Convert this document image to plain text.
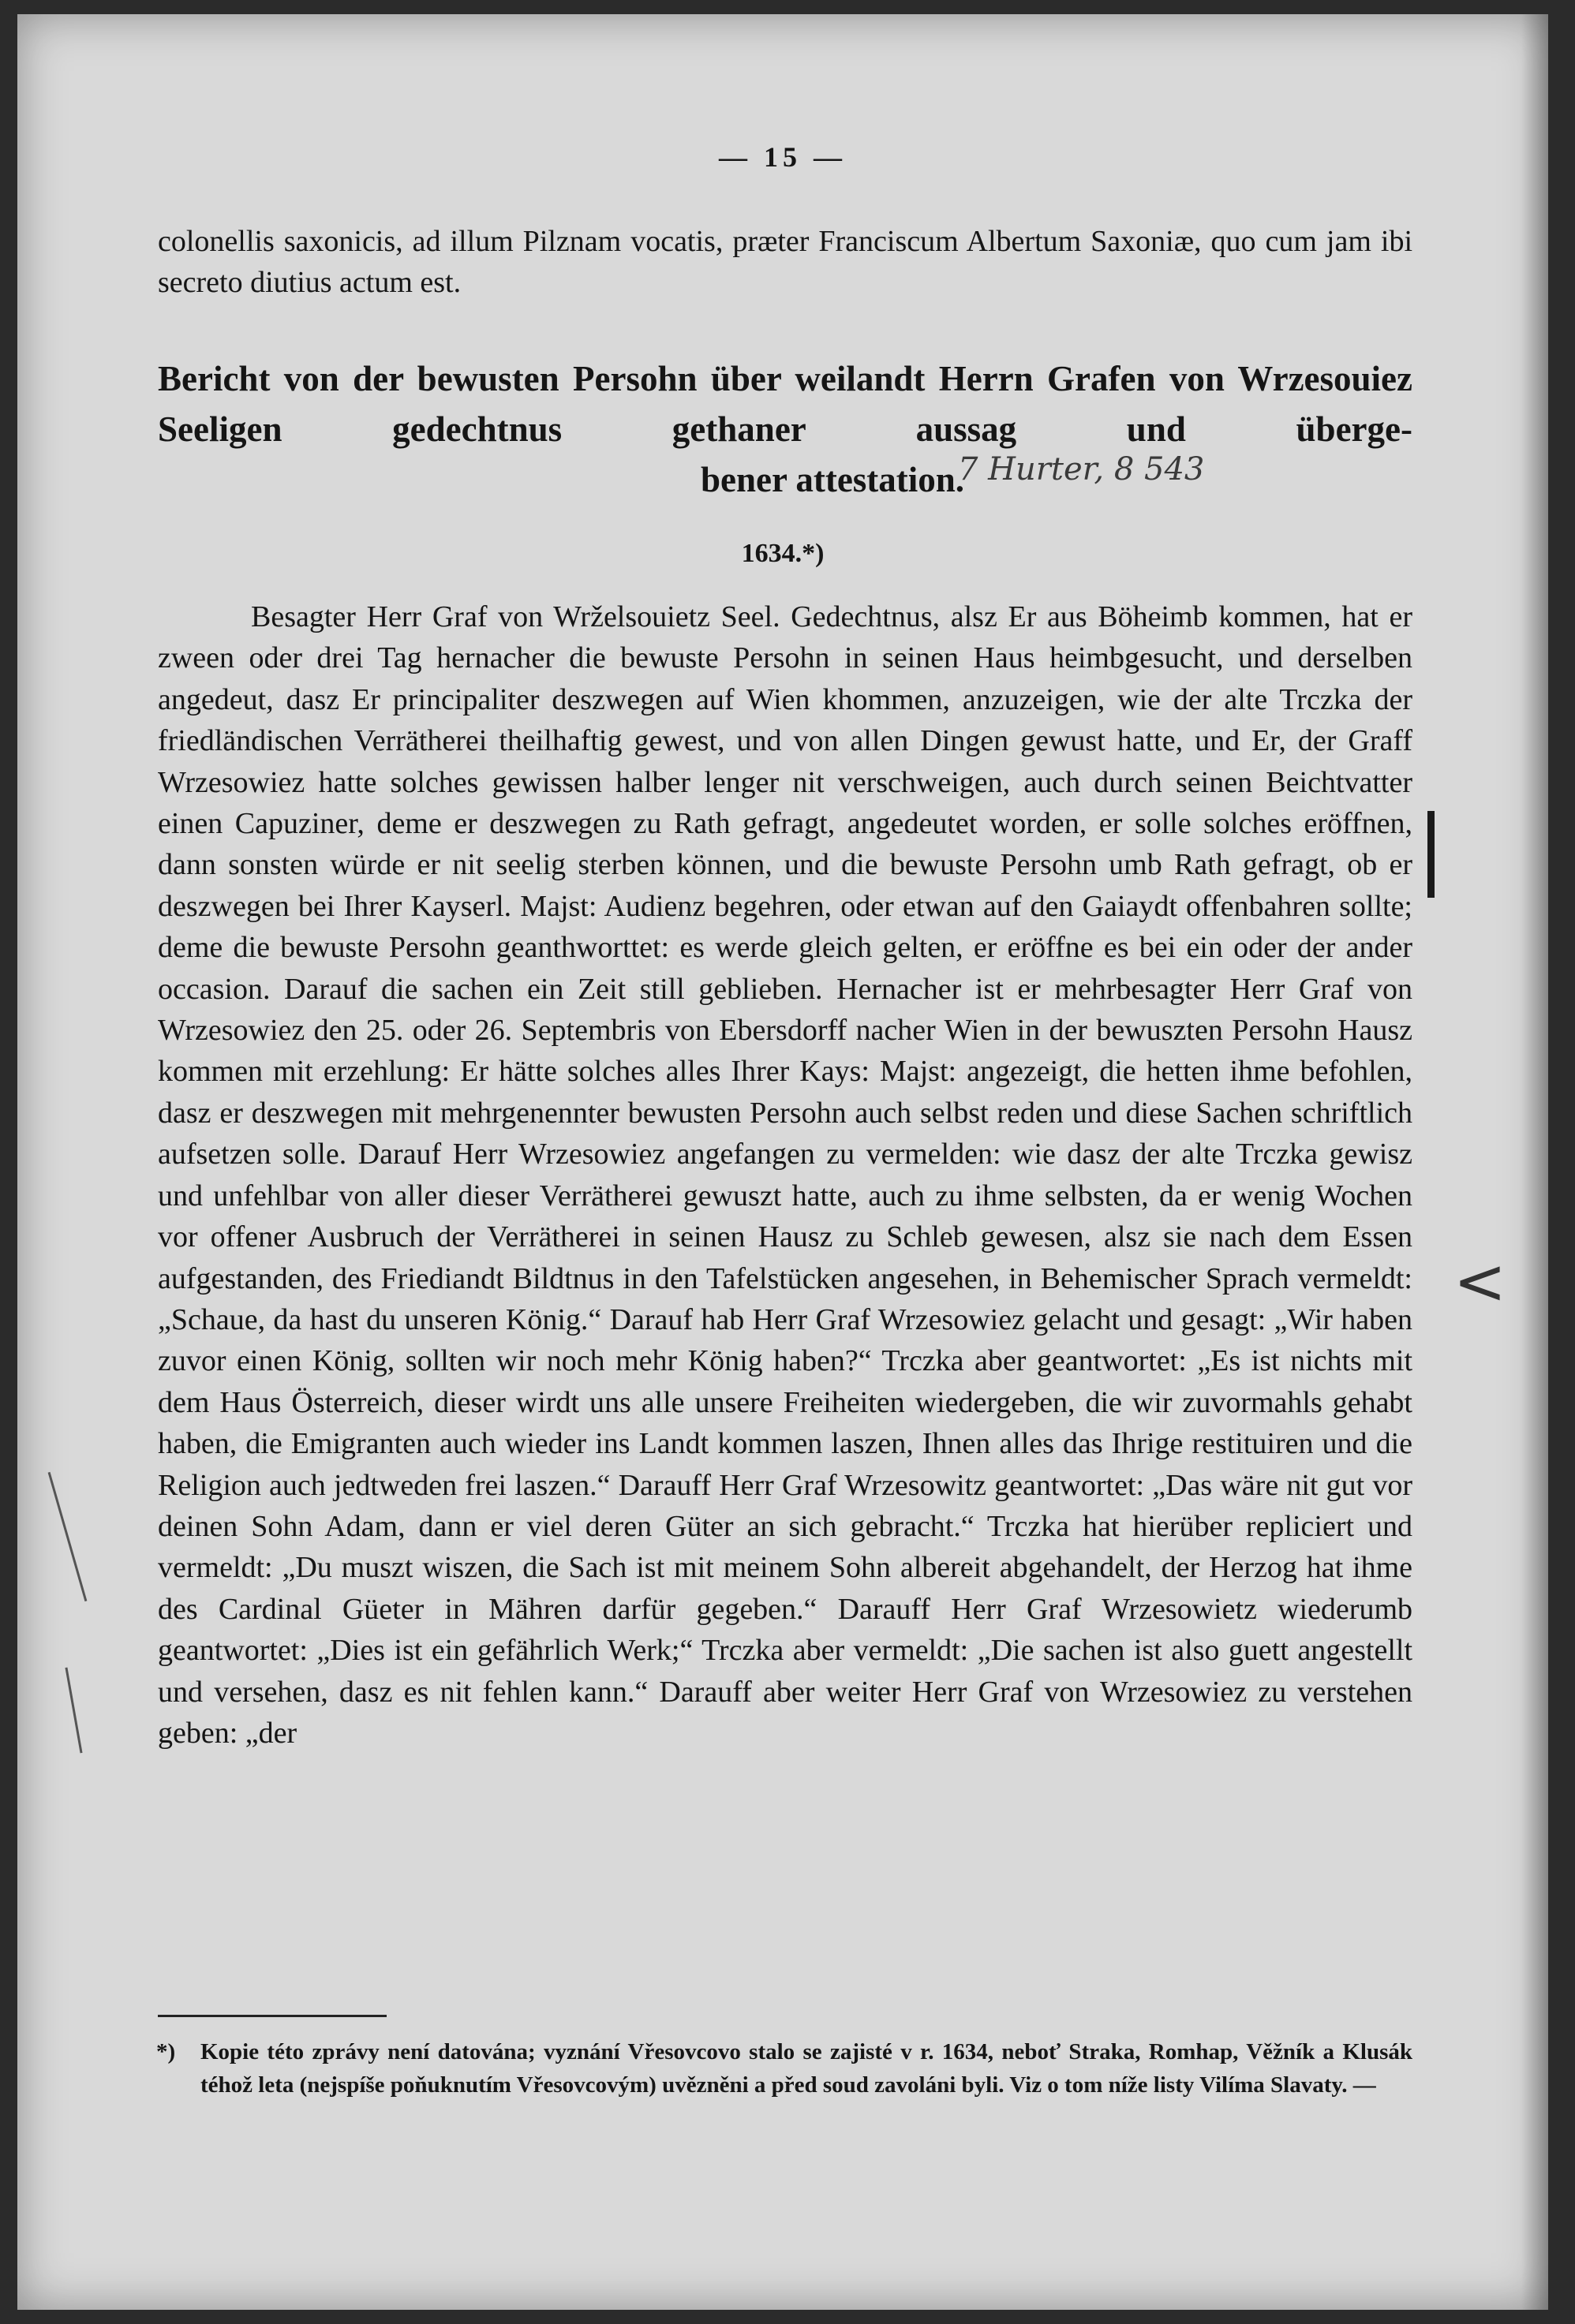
— 15 —
colonellis saxonicis, ad illum Pilznam vocatis, præter Franciscum Albertum Saxoniæ, quo cum jam ibi secreto diutius actum est.
Bericht von der bewusten Persohn über weilandt Herrn Grafen von Wrzesouiez Seeligen gedechtnus gethaner aussag und überge-
bener attestation.
7 Hurter, 8 543
1634.*)
Besagter Herr Graf von Wrželsouietz Seel. Gedechtnus, alsz Er aus Böheimb kommen, hat er zween oder drei Tag hernacher die bewuste Persohn in seinen Haus heimbgesucht, und derselben angedeut, dasz Er principaliter deszwegen auf Wien khommen, anzuzeigen, wie der alte Trczka der friedländischen Verrätherei theilhaftig gewest, und von allen Dingen gewust hatte, und Er, der Graff Wrzesowiez hatte solches gewissen halber lenger nit verschweigen, auch durch seinen Beichtvatter einen Capuziner, deme er deszwegen zu Rath gefragt, angedeutet worden, er solle solches eröffnen, dann sonsten würde er nit seelig sterben können, und die bewuste Persohn umb Rath gefragt, ob er deszwegen bei Ihrer Kayserl. Majst: Audienz begehren, oder etwan auf den Gaiaydt offenbahren sollte; deme die bewuste Persohn geanthworttet: es werde gleich gelten, er eröffne es bei ein oder der ander occasion. Darauf die sachen ein Zeit still geblieben. Hernacher ist er mehrbesagter Herr Graf von Wrzesowiez den 25. oder 26. Septembris von Ebersdorff nacher Wien in der bewuszten Persohn Hausz kommen mit erzehlung: Er hätte solches alles Ihrer Kays: Majst: angezeigt, die hetten ihme befohlen, dasz er deszwegen mit mehrgenennter bewusten Persohn auch selbst reden und diese Sachen schriftlich aufsetzen solle. Darauf Herr Wrzesowiez angefangen zu vermelden: wie dasz der alte Trczka gewisz und unfehlbar von aller dieser Verrätherei gewuszt hatte, auch zu ihme selbsten, da er wenig Wochen vor offener Ausbruch der Verrätherei in seinen Hausz zu Schleb gewesen, alsz sie nach dem Essen aufgestanden, des Friediandt Bildtnus in den Tafelstücken angesehen, in Behemischer Sprach vermeldt: „Schaue, da hast du unseren König.“ Darauf hab Herr Graf Wrzesowiez gelacht und gesagt: „Wir haben zuvor einen König, sollten wir noch mehr König haben?“ Trczka aber geantwortet: „Es ist nichts mit dem Haus Österreich, dieser wirdt uns alle unsere Freiheiten wiedergeben, die wir zuvormahls gehabt haben, die Emigranten auch wieder ins Landt kommen laszen, Ihnen alles das Ihrige restituiren und die Religion auch jedtweden frei laszen.“ Darauff Herr Graf Wrzesowitz geantwortet: „Das wäre nit gut vor deinen Sohn Adam, dann er viel deren Güter an sich gebracht.“ Trczka hat hierüber repliciert und vermeldt: „Du muszt wiszen, die Sach ist mit meinem Sohn albereit abgehandelt, der Herzog hat ihme des Cardinal Güeter in Mähren darfür gegeben.“ Darauff Herr Graf Wrzesowietz wiederumb geantwortet: „Dies ist ein gefährlich Werk;“ Trczka aber vermeldt: „Die sachen ist also guett angestellt und versehen, dasz es nit fehlen kann.“ Darauff aber weiter Herr Graf von Wrzesowiez zu verstehen geben: „der
<
*) Kopie této zprávy není datována; vyznání Vřesovcovo stalo se zajisté v r. 1634, neboť Straka, Romhap, Věžník a Klusák téhož leta (nejspíše poňuknutím Vřesovcovým) uvězněni a před soud zavoláni byli. Viz o tom níže listy Vilíma Slavaty. —
